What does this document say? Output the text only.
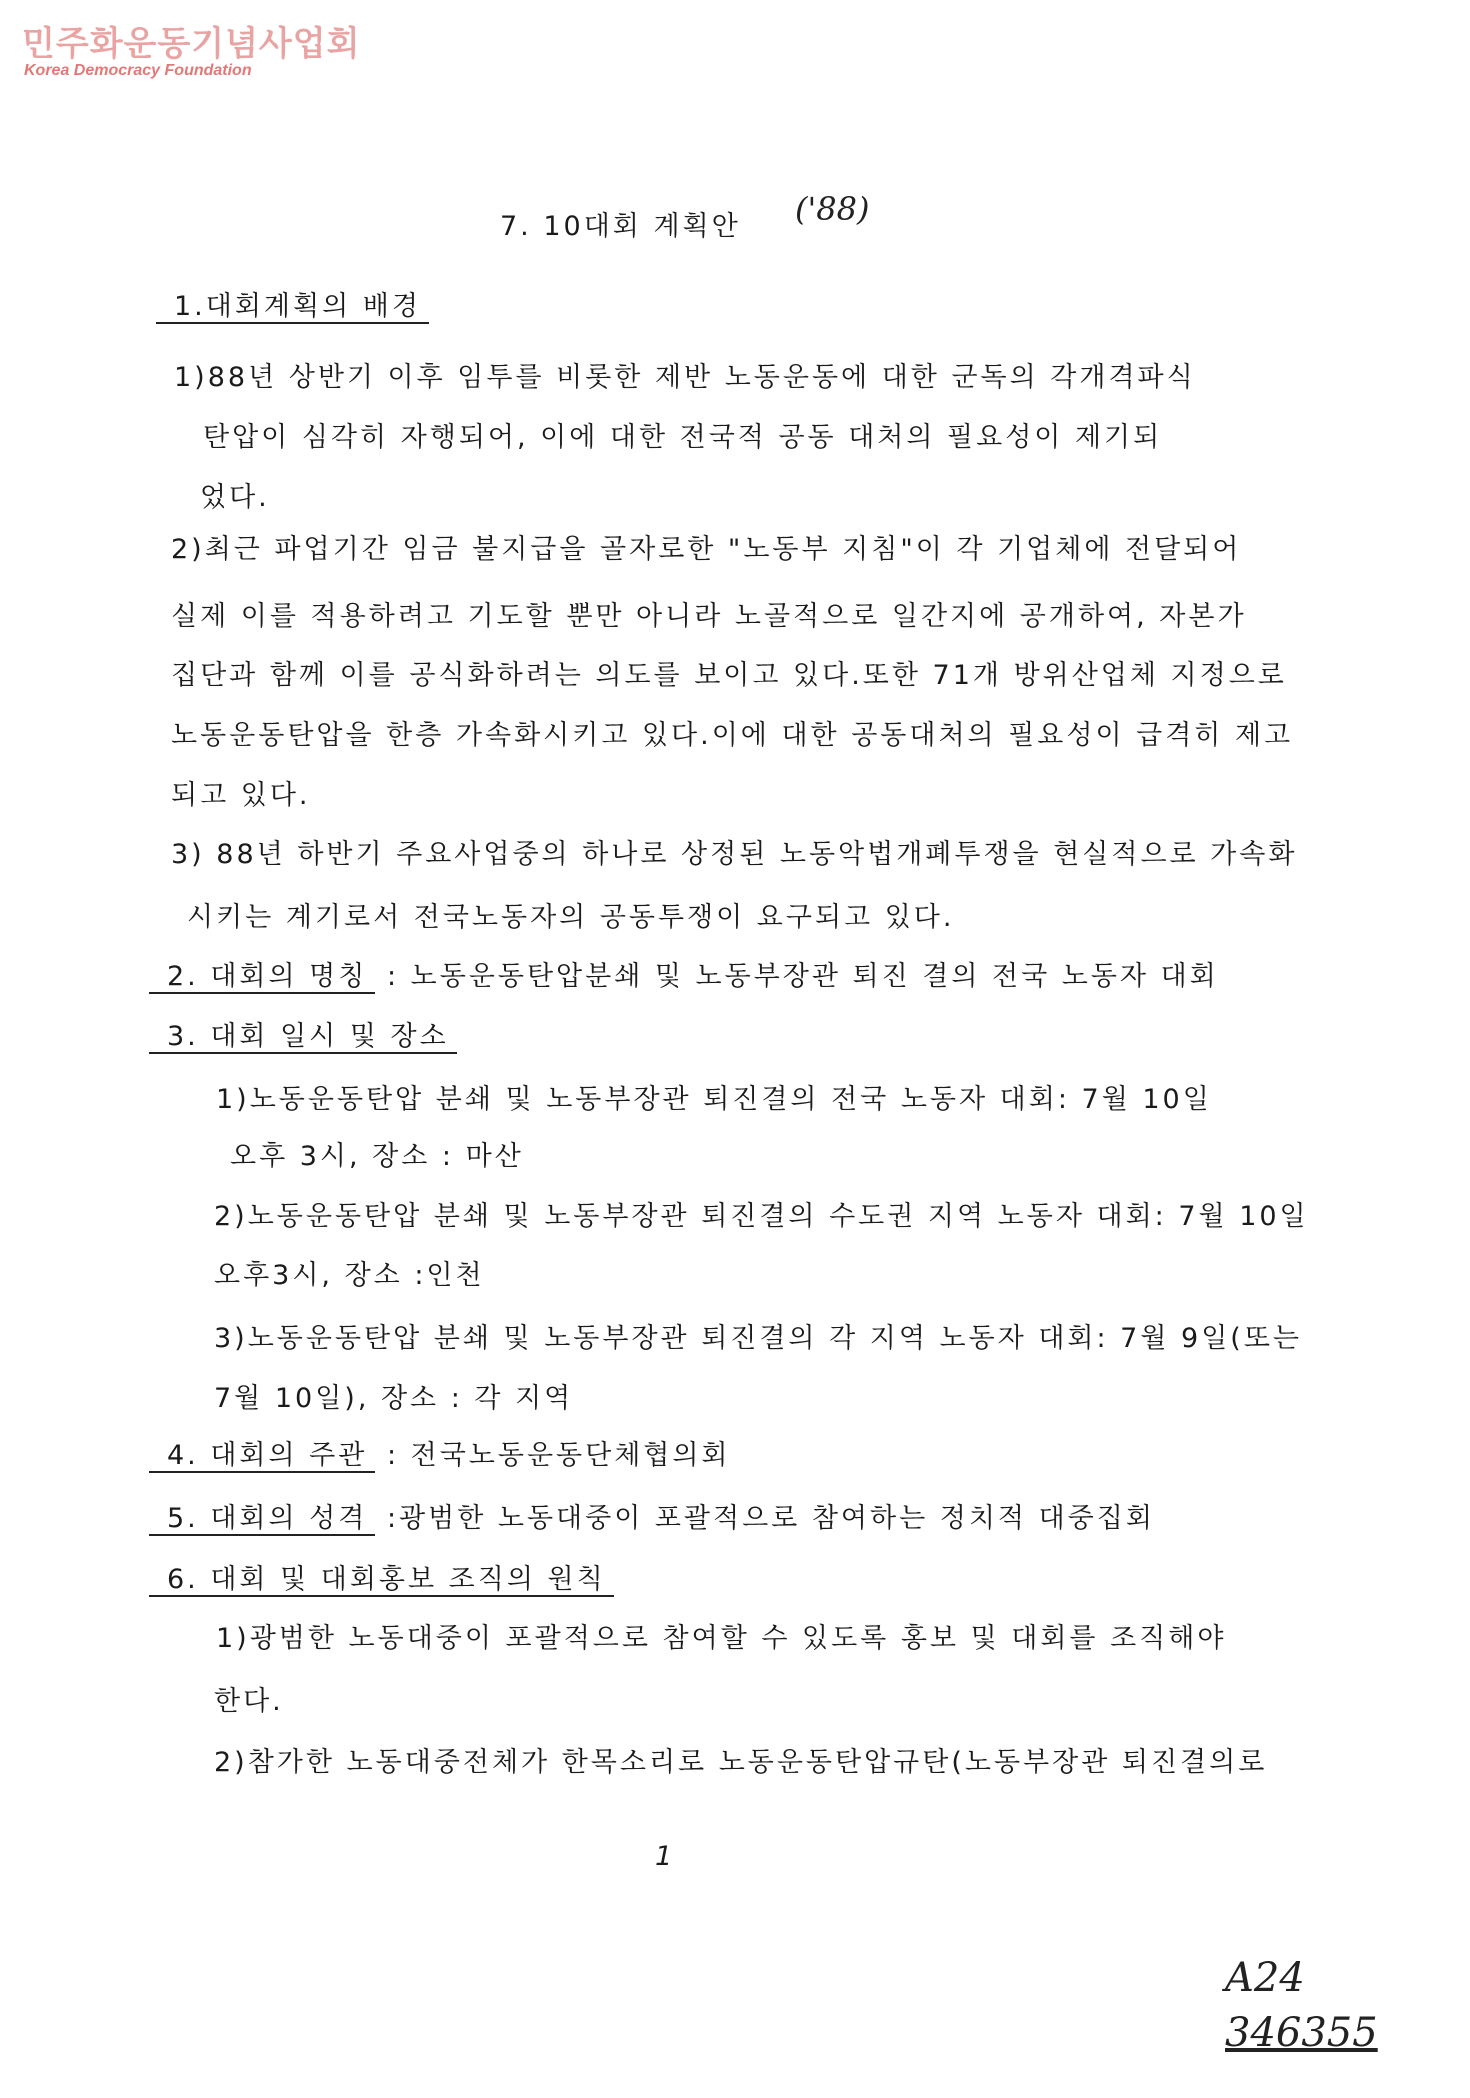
민주화운동기념사업회
Korea Democracy Foundation
7. 10대회 계획안 ('88)
1.대회계획의 배경
1)88년 상반기 이후 임투를 비롯한 제반 노동운동에 대한 군독의 각개격파식
탄압이 심각히 자행되어, 이에 대한 전국적 공동 대처의 필요성이 제기되
었다.
2)최근 파업기간 임금 불지급을 골자로한 "노동부 지침"이 각 기업체에 전달되어
실제 이를 적용하려고 기도할 뿐만 아니라 노골적으로 일간지에 공개하여, 자본가
집단과 함께 이를 공식화하려는 의도를 보이고 있다.또한 71개 방위산업체 지정으로
노동운동탄압을 한층 가속화시키고 있다.이에 대한 공동대처의 필요성이 급격히 제고
되고 있다.
3) 88년 하반기 주요사업중의 하나로 상정된 노동악법개폐투쟁을 현실적으로 가속화
시키는 계기로서 전국노동자의 공동투쟁이 요구되고 있다.
2. 대회의 명칭 : 노동운동탄압분쇄 및 노동부장관 퇴진 결의 전국 노동자 대회
3. 대회 일시 및 장소
1)노동운동탄압 분쇄 및 노동부장관 퇴진결의 전국 노동자 대회: 7월 10일
오후 3시, 장소 : 마산
2)노동운동탄압 분쇄 및 노동부장관 퇴진결의 수도권 지역 노동자 대회: 7월 10일
오후3시, 장소 :인천
3)노동운동탄압 분쇄 및 노동부장관 퇴진결의 각 지역 노동자 대회: 7월 9일(또는
7월 10일), 장소 : 각 지역
4. 대회의 주관 : 전국노동운동단체협의회
5. 대회의 성격 :광범한 노동대중이 포괄적으로 참여하는 정치적 대중집회
6. 대회 및 대회홍보 조직의 원칙
1)광범한 노동대중이 포괄적으로 참여할 수 있도록 홍보 및 대회를 조직해야
한다.
2)참가한 노동대중전체가 한목소리로 노동운동탄압규탄(노동부장관 퇴진결의로
1
A24
346355
